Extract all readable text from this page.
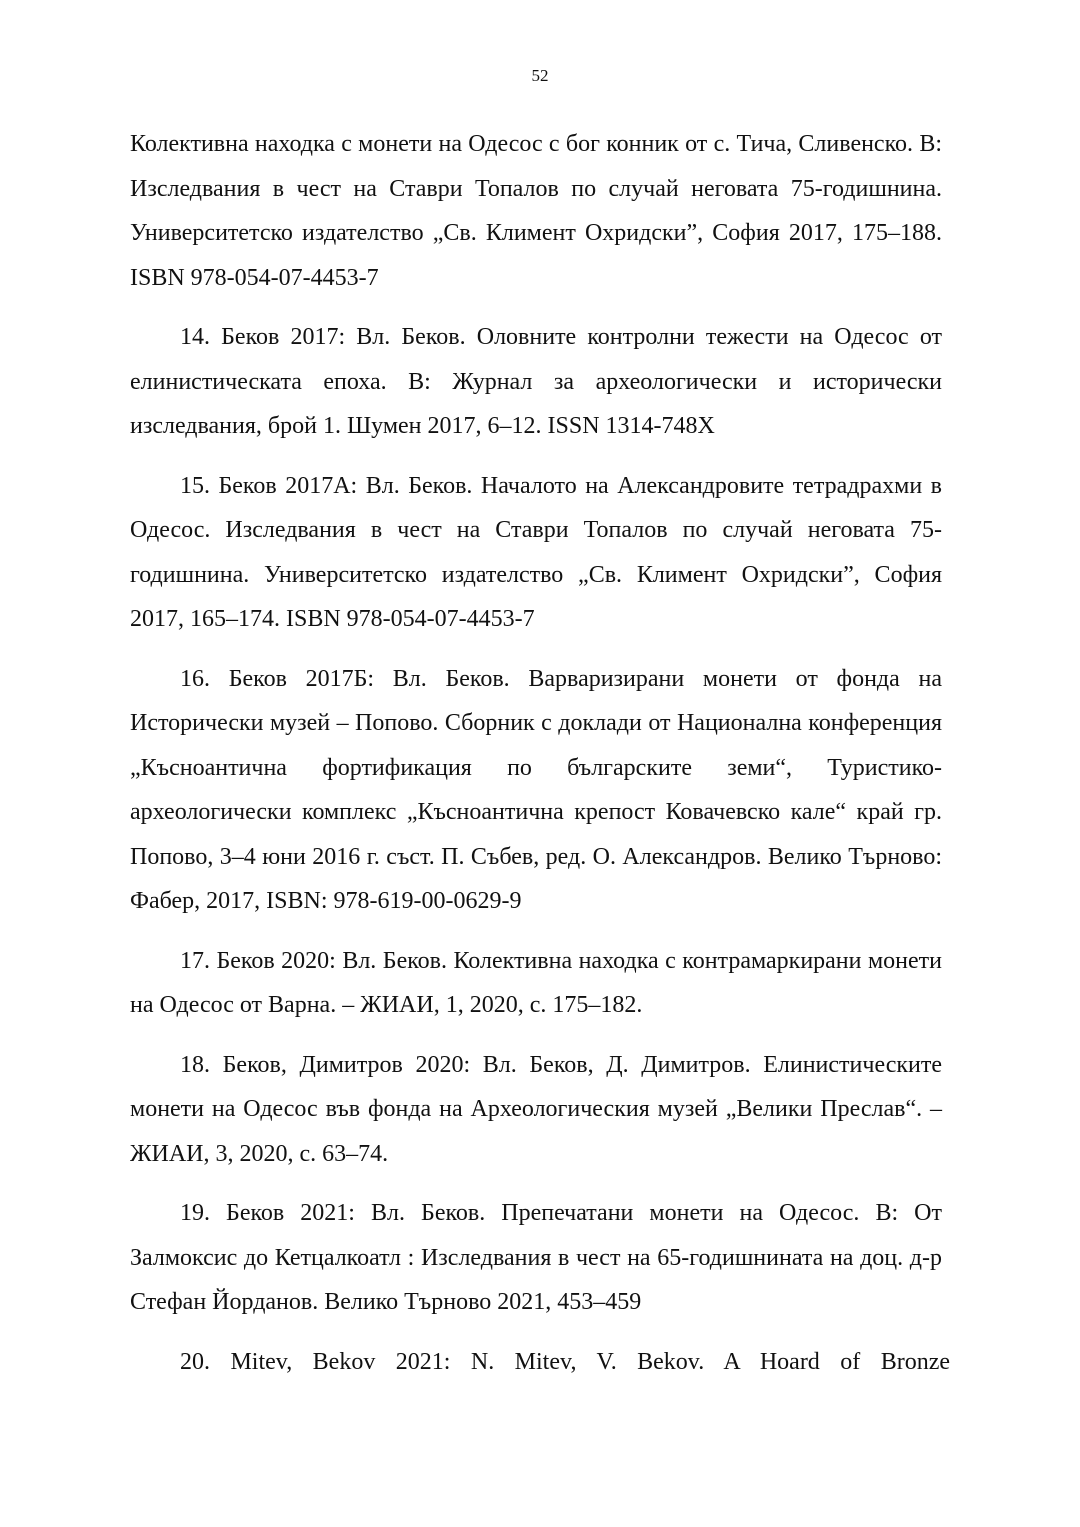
52

Колективна находка с монети на Одесос с бог конник от с. Тича, Сливенско. В: Изследвания в чест на Ставри Топалов по случай неговата 75-годишнина. Университетско издателство „Св. Климент Охридски”, София 2017, 175–188. ISBN 978-054-07-4453-7

14. Беков 2017: Вл. Беков. Оловните контролни тежести на Одесос от елинистическата епоха. В: Журнал за археологически и исторически изследвания, брой 1. Шумен 2017, 6–12. ISSN 1314-748X

15. Беков 2017А: Вл. Беков. Началото на Александровите тетрадрахми в Одесос. Изследвания в чест на Ставри Топалов по случай неговата 75-годишнина. Университетско издателство „Св. Климент Охридски”, София 2017, 165–174. ISBN 978-054-07-4453-7

16. Беков 2017Б: Вл. Беков. Варваризирани монети от фонда на Исторически музей – Попово. Сборник с доклади от Национална конференция „Късноантична фортификация по българските земи“, Туристико-археологически комплекс „Късноантична крепост Ковачевско кале“ край гр. Попово, 3–4 юни 2016 г. съст. П. Събев, ред. О. Александров. Велико Търново: Фабер, 2017, ISBN: 978-619-00-0629-9

17. Беков 2020: Вл. Беков. Колективна находка с контрамаркирани монети на Одесос от Варна. – ЖИАИ, 1, 2020, с. 175–182.

18. Беков, Димитров 2020: Вл. Беков, Д. Димитров. Елинистическите монети на Одесос във фонда на Археологическия музей „Велики Преслав“. – ЖИАИ, 3, 2020, с. 63–74.

19. Беков 2021: Вл. Беков. Препечатани монети на Одесос. В: От Залмоксис до Кетцалкоатл : Изследвания в чест на 65-годишнината на доц. д-р Стефан Йорданов. Велико Търново 2021, 453–459

20. Mitev, Bekov 2021: N. Mitev, V. Bekov. A Hoard of Bronze
